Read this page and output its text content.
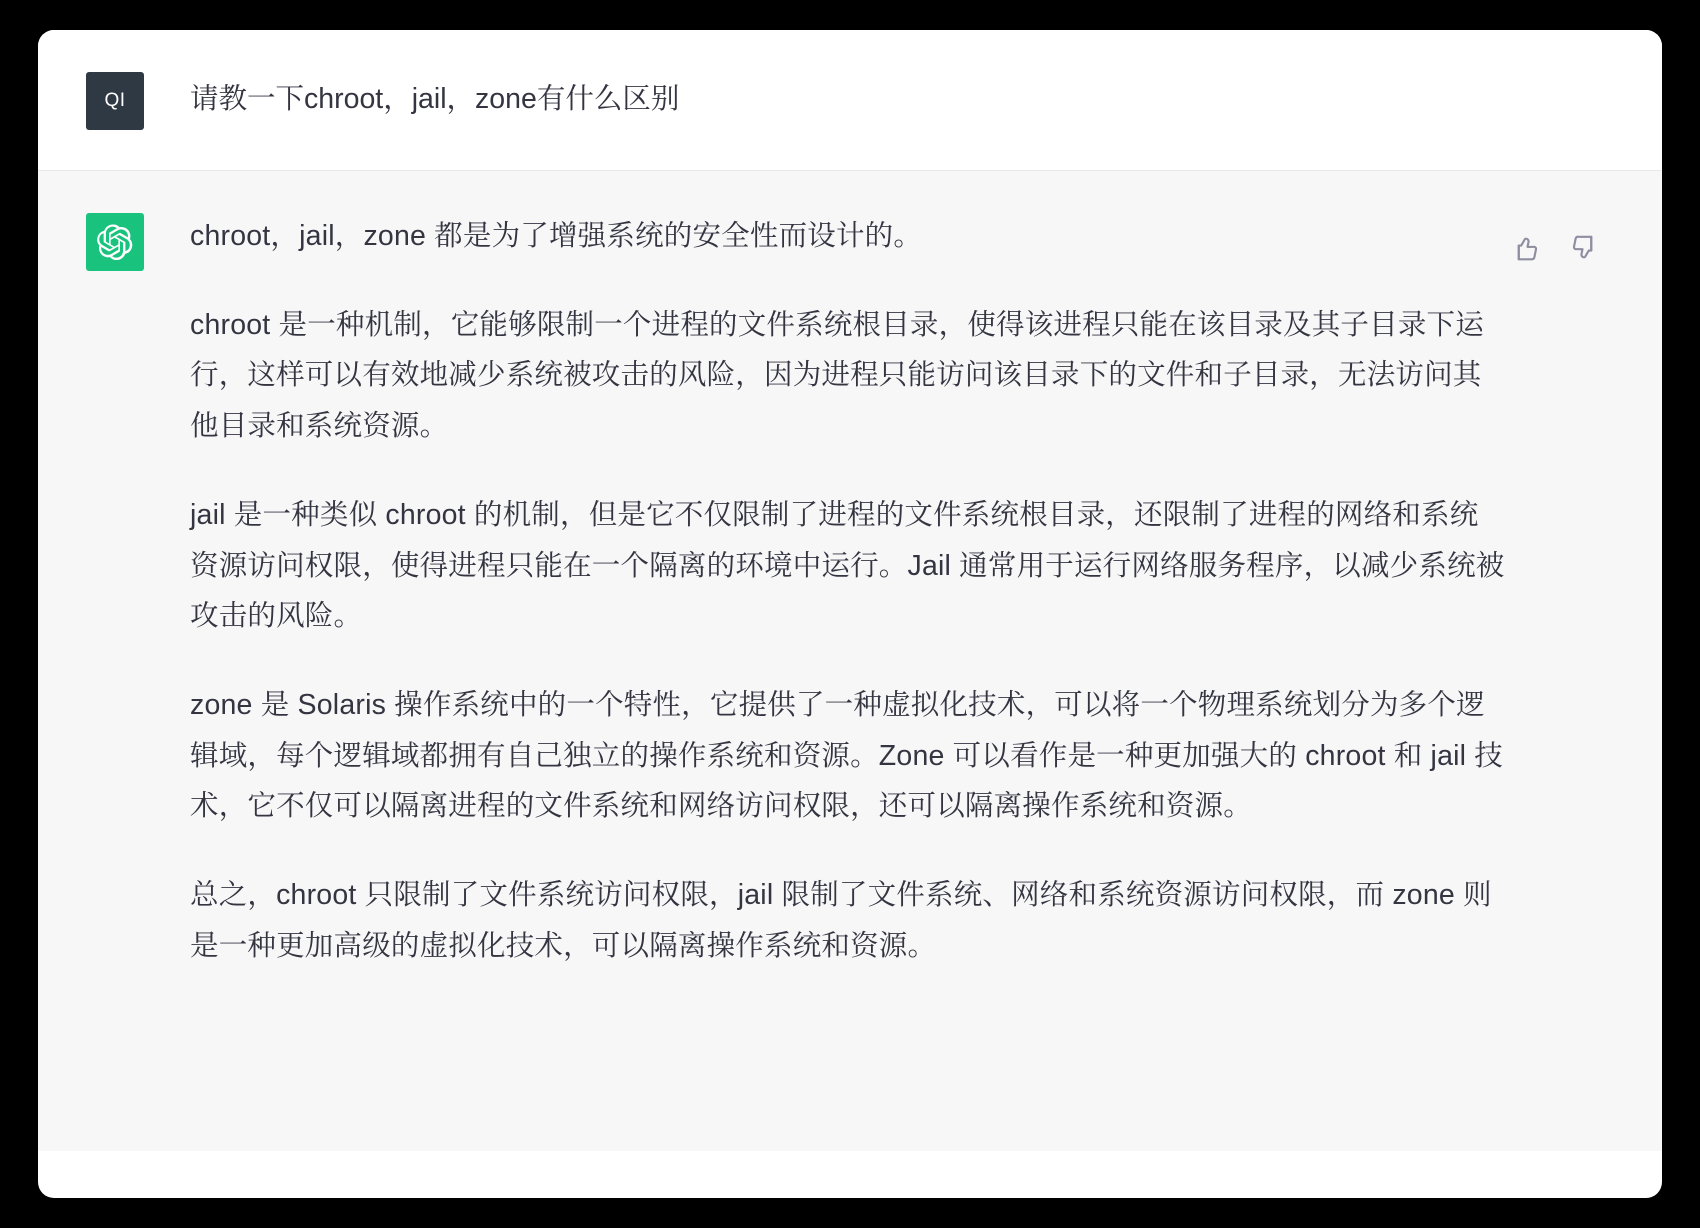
QI 请教一下chroot，jail，zone有什么区别

chroot，jail，zone 都是为了增强系统的安全性而设计的。

chroot 是一种机制，它能够限制一个进程的文件系统根目录，使得该进程只能在该目录及其子目录下运行，这样可以有效地减少系统被攻击的风险，因为进程只能访问该目录下的文件和子目录，无法访问其他目录和系统资源。

jail 是一种类似 chroot 的机制，但是它不仅限制了进程的文件系统根目录，还限制了进程的网络和系统资源访问权限，使得进程只能在一个隔离的环境中运行。Jail 通常用于运行网络服务程序，以减少系统被攻击的风险。

zone 是 Solaris 操作系统中的一个特性，它提供了一种虚拟化技术，可以将一个物理系统划分为多个逻辑域，每个逻辑域都拥有自己独立的操作系统和资源。Zone 可以看作是一种更加强大的 chroot 和 jail 技术，它不仅可以隔离进程的文件系统和网络访问权限，还可以隔离操作系统和资源。

总之，chroot 只限制了文件系统访问权限，jail 限制了文件系统、网络和系统资源访问权限，而 zone 则是一种更加高级的虚拟化技术，可以隔离操作系统和资源。
